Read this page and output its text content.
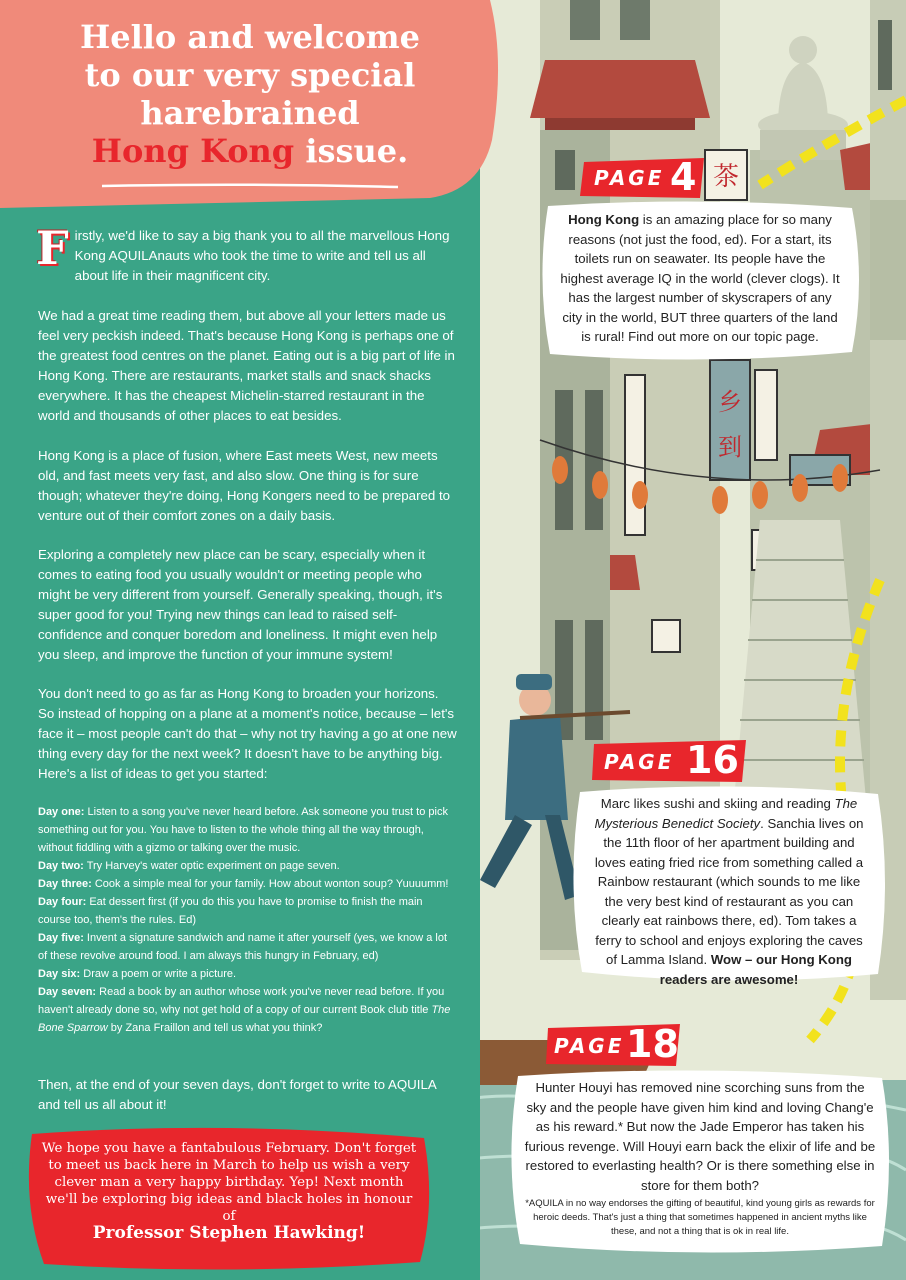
茶
乡
到
Hello and welcome
to our very special
harebrained
Hong Kong issue.

Firstly, we'd like to say a big thank you to all the marvellous Hong Kong AQUILAnauts who took the time to write and tell us all about life in their magnificent city.

We had a great time reading them, but above all your letters made us feel very peckish indeed. That's because Hong Kong is perhaps one of the greatest food centres on the planet. Eating out is a big part of life in Hong Kong. There are restaurants, market stalls and snack shacks everywhere. It has the cheapest Michelin-starred restaurant in the world and thousands of other places to eat besides.

Hong Kong is a place of fusion, where East meets West, new meets old, and fast meets very fast, and also slow. One thing is for sure though; whatever they're doing, Hong Kongers need to be prepared to venture out of their comfort zones on a daily basis.

Exploring a completely new place can be scary, especially when it comes to eating food you usually wouldn't or meeting people who might be very different from yourself. Generally speaking, though, it's super good for you! Trying new things can lead to raised self-confidence and conquer boredom and loneliness. It might even help you sleep, and improve the function of your immune system!

You don't need to go as far as Hong Kong to broaden your horizons. So instead of hopping on a plane at a moment's notice, because – let's face it – most people can't do that – why not try having a go at one new thing every day for the next week? It doesn't have to be anything big. Here's a list of ideas to get you started:

Day one: Listen to a song you've never heard before. Ask someone you trust to pick something out for you. You have to listen to the whole thing all the way through, without fiddling with a gizmo or talking over the music.
Day two: Try Harvey's water optic experiment on page seven.
Day three: Cook a simple meal for your family. How about wonton soup? Yuuuumm!
Day four: Eat dessert first (if you do this you have to promise to finish the main course too, them's the rules. Ed)
Day five: Invent a signature sandwich and name it after yourself (yes, we know a lot of these revolve around food. I am always this hungry in February, ed)
Day six: Draw a poem or write a picture.
Day seven: Read a book by an author whose work you've never read before. If you haven't already done so, why not get hold of a copy of our current Book club title The Bone Sparrow by Zana Fraillon and tell us what you think?

Then, at the end of your seven days, don't forget to write to AQUILA and tell us all about it!

We hope you have a fantabulous February. Don't forget to meet us back here in March to help us wish a very clever man a very happy birthday. Yep! Next month we'll be exploring big ideas and black holes in honour of
Professor Stephen Hawking!

PAGE 4

Hong Kong is an amazing place for so many reasons (not just the food, ed). For a start, its toilets run on seawater. Its people have the highest average IQ in the world (clever clogs). It has the largest number of skyscrapers of any city in the world, BUT three quarters of the land is rural! Find out more on our topic page.

PAGE 16

Marc likes sushi and skiing and reading The Mysterious Benedict Society. Sanchia lives on the 11th floor of her apartment building and loves eating fried rice from something called a Rainbow restaurant (which sounds to me like the very best kind of restaurant as you can clearly eat rainbows there, ed). Tom takes a ferry to school and enjoys exploring the caves of Lamma Island. Wow – our Hong Kong readers are awesome!

PAGE 18

Hunter Houyi has removed nine scorching suns from the sky and the people have given him kind and loving Chang'e as his reward.* But now the Jade Emperor has taken his furious revenge. Will Houyi earn back the elixir of life and be restored to everlasting health? Or is there something else in store for them both?
*AQUILA in no way endorses the gifting of beautiful, kind young girls as rewards for heroic deeds. That's just a thing that sometimes happened in ancient myths like these, and not a thing that is ok in real life.
